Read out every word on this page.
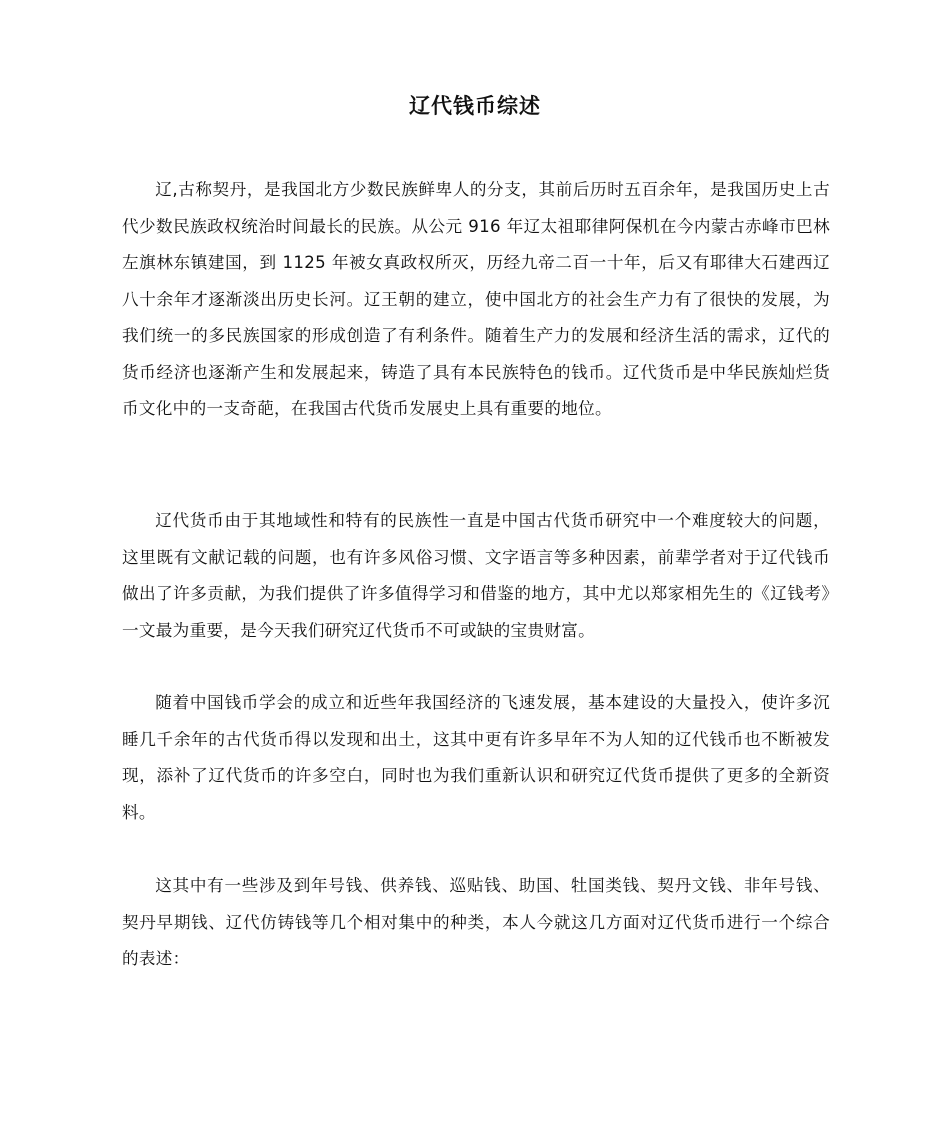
辽代钱币综述

辽,古称契丹，是我国北方少数民族鲜卑人的分支，其前后历时五百余年，是我国历史上古代少数民族政权统治时间最长的民族。从公元 916 年辽太祖耶律阿保机在今内蒙古赤峰市巴林左旗林东镇建国，到 1125 年被女真政权所灭，历经九帝二百一十年，后又有耶律大石建西辽八十余年才逐渐淡出历史长河。辽王朝的建立，使中国北方的社会生产力有了很快的发展，为我们统一的多民族国家的形成创造了有利条件。随着生产力的发展和经济生活的需求，辽代的货币经济也逐渐产生和发展起来，铸造了具有本民族特色的钱币。辽代货币是中华民族灿烂货币文化中的一支奇葩，在我国古代货币发展史上具有重要的地位。

辽代货币由于其地域性和特有的民族性一直是中国古代货币研究中一个难度较大的问题，这里既有文献记载的问题，也有许多风俗习惯、文字语言等多种因素，前辈学者对于辽代钱币做出了许多贡献，为我们提供了许多值得学习和借鉴的地方，其中尤以郑家相先生的《辽钱考》一文最为重要，是今天我们研究辽代货币不可或缺的宝贵财富。

随着中国钱币学会的成立和近些年我国经济的飞速发展，基本建设的大量投入，使许多沉睡几千余年的古代货币得以发现和出土，这其中更有许多早年不为人知的辽代钱币也不断被发现，添补了辽代货币的许多空白，同时也为我们重新认识和研究辽代货币提供了更多的全新资料。

这其中有一些涉及到年号钱、供养钱、巡贴钱、助国、牡国类钱、契丹文钱、非年号钱、契丹早期钱、辽代仿铸钱等几个相对集中的种类，本人今就这几方面对辽代货币进行一个综合的表述：
